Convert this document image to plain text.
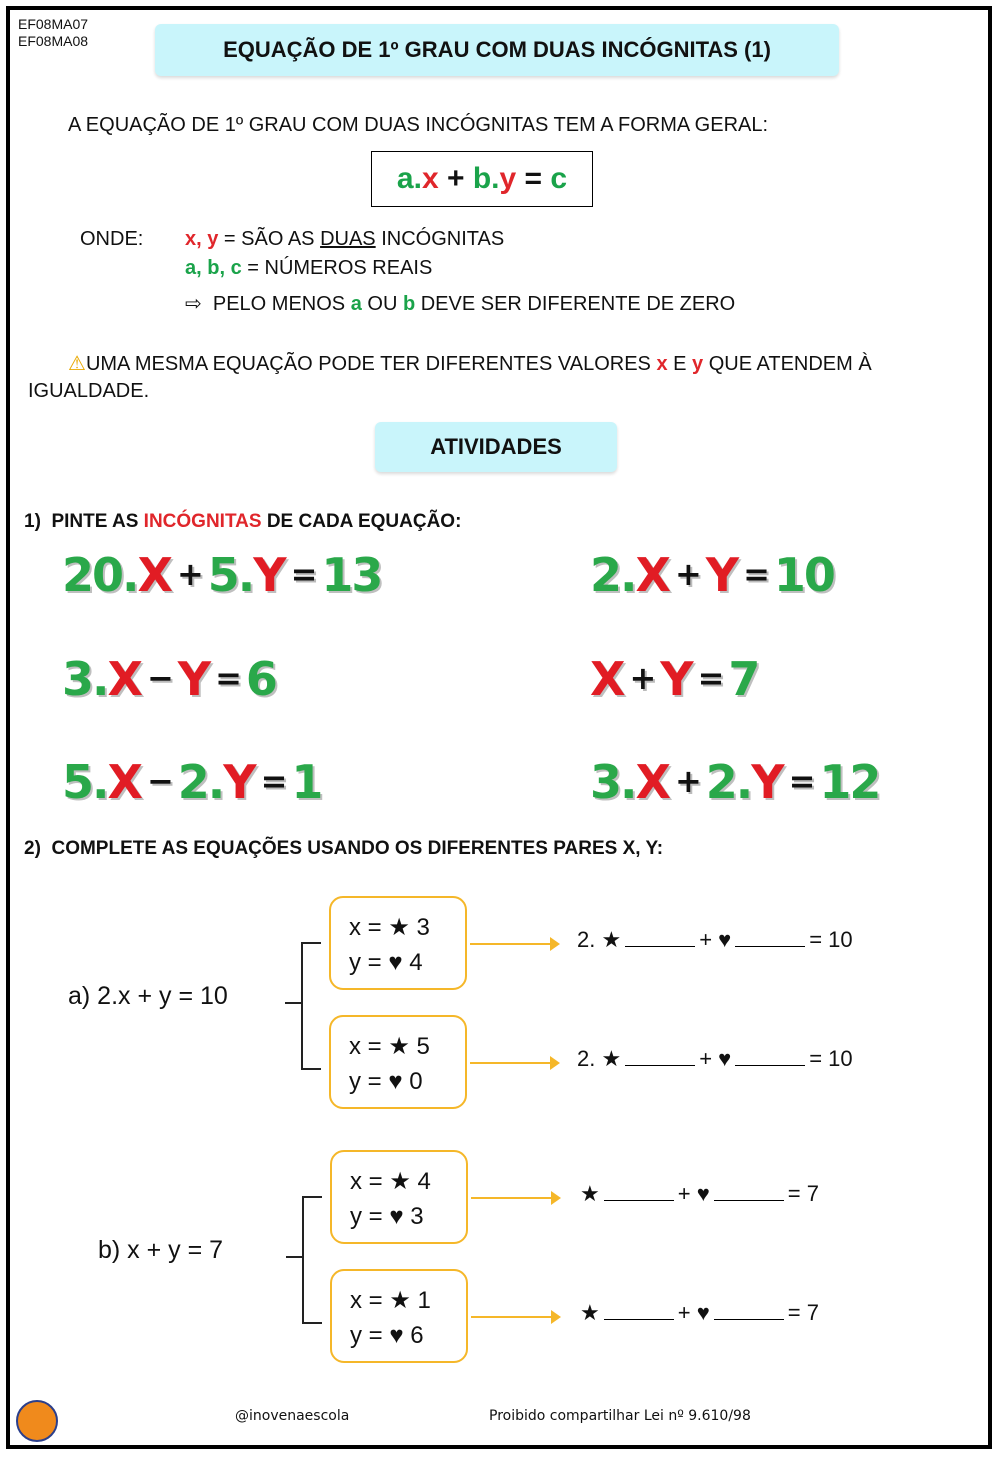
EF08MA07
EF08MA08	EQUAÇÃO DE 1º GRAU COM DUAS INCÓGNITAS (1)
A EQUAÇÃO DE 1º GRAU COM DUAS INCÓGNITAS TEM A FORMA GERAL:
a . x + b . y = c
ONDE: x, y = SÃO AS DUAS INCÓGNITAS
a, b, c = NÚMEROS REAIS
⇨  PELO MENOS a OU b DEVE SER DIFERENTE DE ZERO
⚠UMA MESMA EQUAÇÃO PODE TER DIFERENTES VALORES x E y QUE ATENDEM À
IGUALDADE.
ATIVIDADES
1) PINTE AS INCÓGNITAS DE CADA EQUAÇÃO:
20.X + 5.Y = 13	2.X + Y = 10
3.X − Y = 6	X + Y = 7
5.X − 2.Y = 1	3.X + 2.Y = 12
2) COMPLETE AS EQUAÇÕES USANDO OS DIFERENTES PARES X, Y:
a) 2.x + y = 10
x = ★ 3
y = ♥ 4
2. ★	+ ♥	= 10
x = ★ 5
y = ♥ 0
2. ★	+ ♥	= 10
b) x + y = 7
x = ★ 4
y = ♥ 3
★	+ ♥	= 7
x = ★ 1
y = ♥ 6
★	+ ♥	= 7
@inovenaescola	Proibido compartilhar Lei nº 9.610/98
